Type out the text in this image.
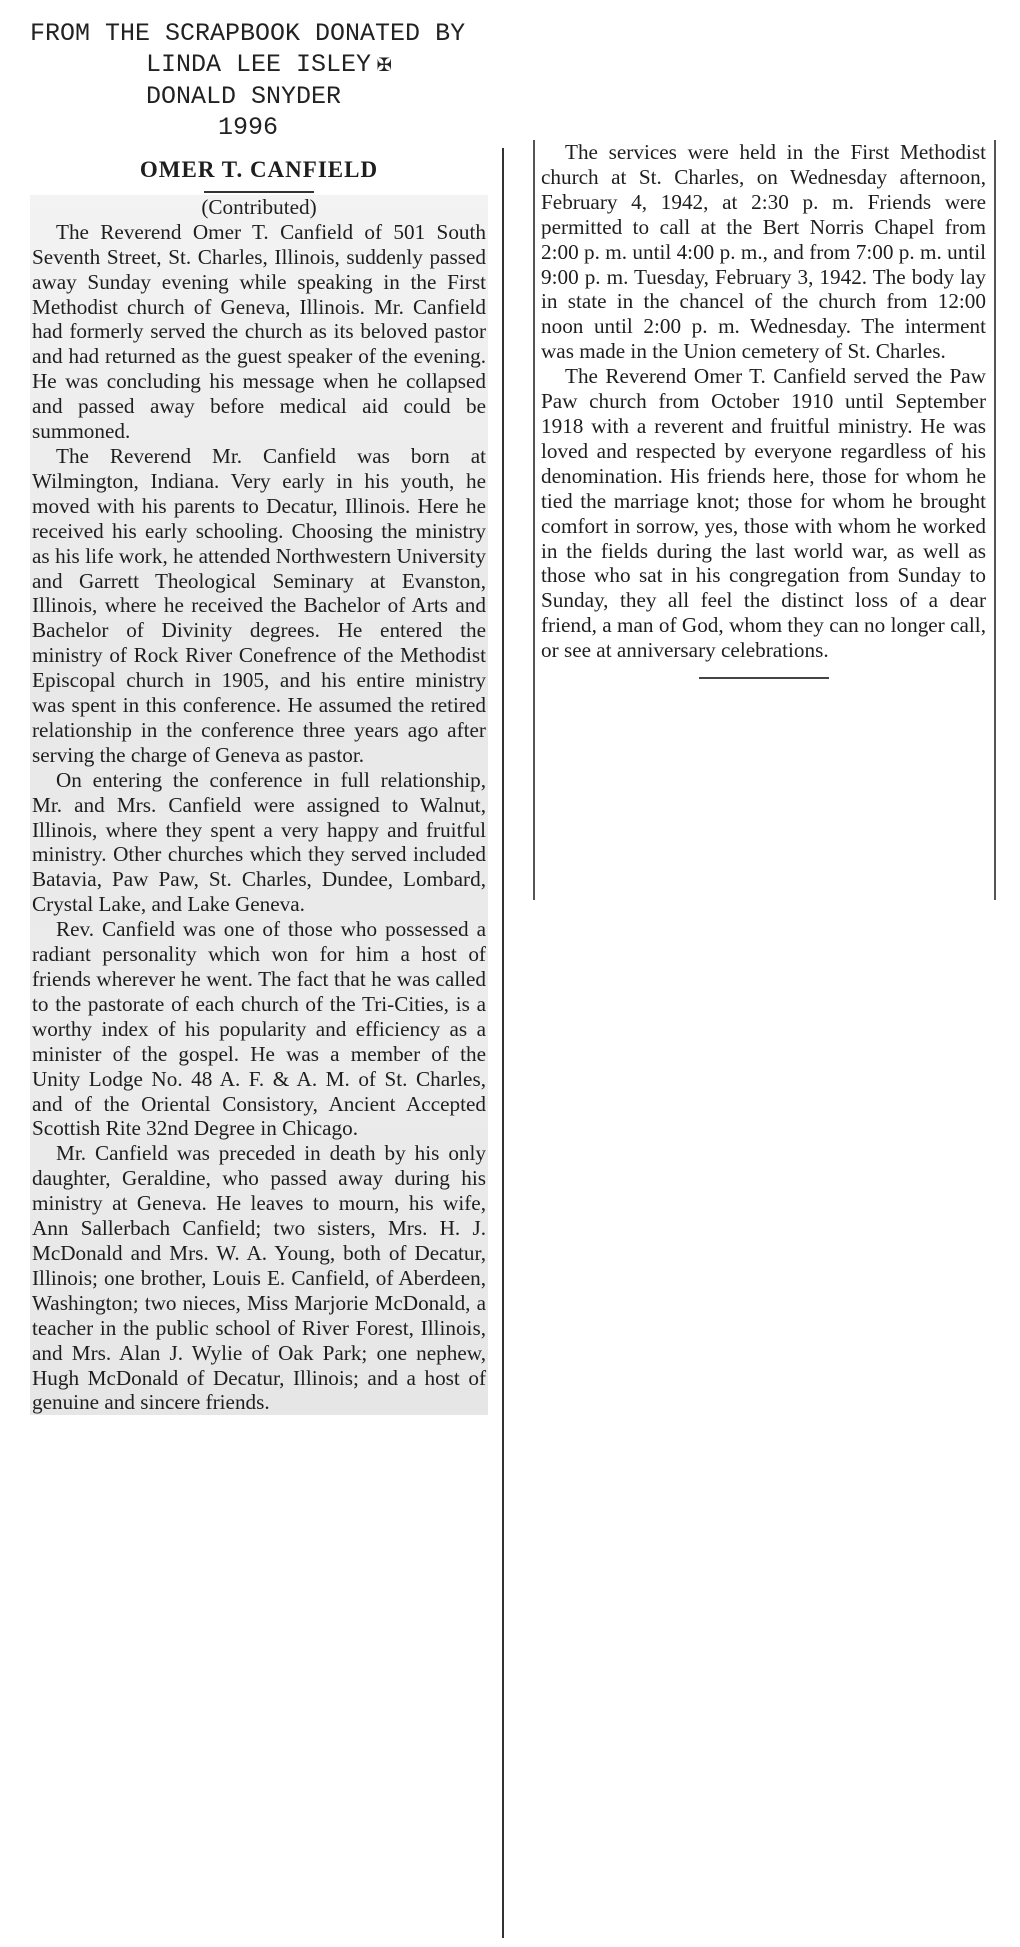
FROM THE SCRAPBOOK DONATED BY
LINDA LEE ISLEY ✠
DONALD SNYDER
1996
OMER T. CANFIELD

(Contributed)

The Reverend Omer T. Canfield of 501 South Seventh Street, St. Charles, Illinois, suddenly passed away Sunday evening while speaking in the First Methodist church of Geneva, Illinois. Mr. Canfield had formerly served the church as its beloved pastor and had returned as the guest speaker of the evening. He was concluding his message when he collapsed and passed away before medical aid could be summoned.

The Reverend Mr. Canfield was born at Wilmington, Indiana. Very early in his youth, he moved with his parents to Decatur, Illinois. Here he received his early schooling. Choosing the ministry as his life work, he attended Northwestern University and Garrett Theological Seminary at Evanston, Illinois, where he received the Bachelor of Arts and Bachelor of Divinity degrees. He entered the ministry of Rock River Conefrence of the Methodist Episcopal church in 1905, and his entire ministry was spent in this conference. He assumed the retired relationship in the conference three years ago after serving the charge of Geneva as pastor.

On entering the conference in full relationship, Mr. and Mrs. Canfield were assigned to Walnut, Illinois, where they spent a very happy and fruitful ministry. Other churches which they served included Batavia, Paw Paw, St. Charles, Dundee, Lombard, Crystal Lake, and Lake Geneva.

Rev. Canfield was one of those who possessed a radiant personality which won for him a host of friends wherever he went. The fact that he was called to the pastorate of each church of the Tri-Cities, is a worthy index of his popularity and efficiency as a minister of the gospel. He was a member of the Unity Lodge No. 48 A. F. & A. M. of St. Charles, and of the Oriental Consistory, Ancient Accepted Scottish Rite 32nd Degree in Chicago.

Mr. Canfield was preceded in death by his only daughter, Geraldine, who passed away during his ministry at Geneva. He leaves to mourn, his wife, Ann Sallerbach Canfield; two sisters, Mrs. H. J. McDonald and Mrs. W. A. Young, both of Decatur, Illinois; one brother, Louis E. Canfield, of Aberdeen, Washington; two nieces, Miss Marjorie McDonald, a teacher in the public school of River Forest, Illinois, and Mrs. Alan J. Wylie of Oak Park; one nephew, Hugh McDonald of Decatur, Illinois; and a host of genuine and sincere friends.

The services were held in the First Methodist church at St. Charles, on Wednesday afternoon, February 4, 1942, at 2:30 p. m. Friends were permitted to call at the Bert Norris Chapel from 2:00 p. m. until 4:00 p. m., and from 7:00 p. m. until 9:00 p. m. Tuesday, February 3, 1942. The body lay in state in the chancel of the church from 12:00 noon until 2:00 p. m. Wednesday. The interment was made in the Union cemetery of St. Charles.

The Reverend Omer T. Canfield served the Paw Paw church from October 1910 until September 1918 with a reverent and fruitful ministry. He was loved and respected by everyone regardless of his denomination. His friends here, those for whom he tied the marriage knot; those for whom he brought comfort in sorrow, yes, those with whom he worked in the fields during the last world war, as well as those who sat in his congregation from Sunday to Sunday, they all feel the distinct loss of a dear friend, a man of God, whom they can no longer call, or see at anniversary celebrations.
